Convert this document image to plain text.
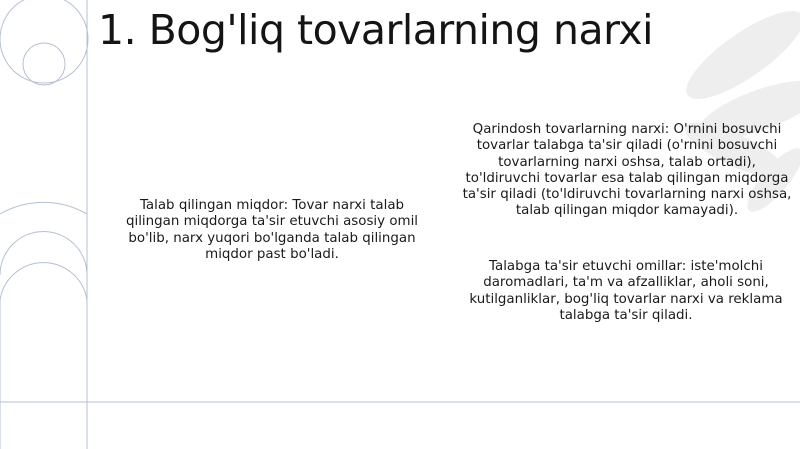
1. Bog'liq tovarlarning narxi

Talab qilingan miqdor: Tovar narxi talab qilingan miqdorga ta'sir etuvchi asosiy omil bo'lib, narx yuqori bo'lganda talab qilingan miqdor past bo'ladi.

Qarindosh tovarlarning narxi: O'rnini bosuvchi tovarlar talabga ta'sir qiladi (o'rnini bosuvchi tovarlarning narxi oshsa, talab ortadi), to'ldiruvchi tovarlar esa talab qilingan miqdorga ta'sir qiladi (to'ldiruvchi tovarlarning narxi oshsa, talab qilingan miqdor kamayadi).

Talabga ta'sir etuvchi omillar: iste'molchi daromadlari, ta'm va afzalliklar, aholi soni, kutilganliklar, bog'liq tovarlar narxi va reklama talabga ta'sir qiladi.
